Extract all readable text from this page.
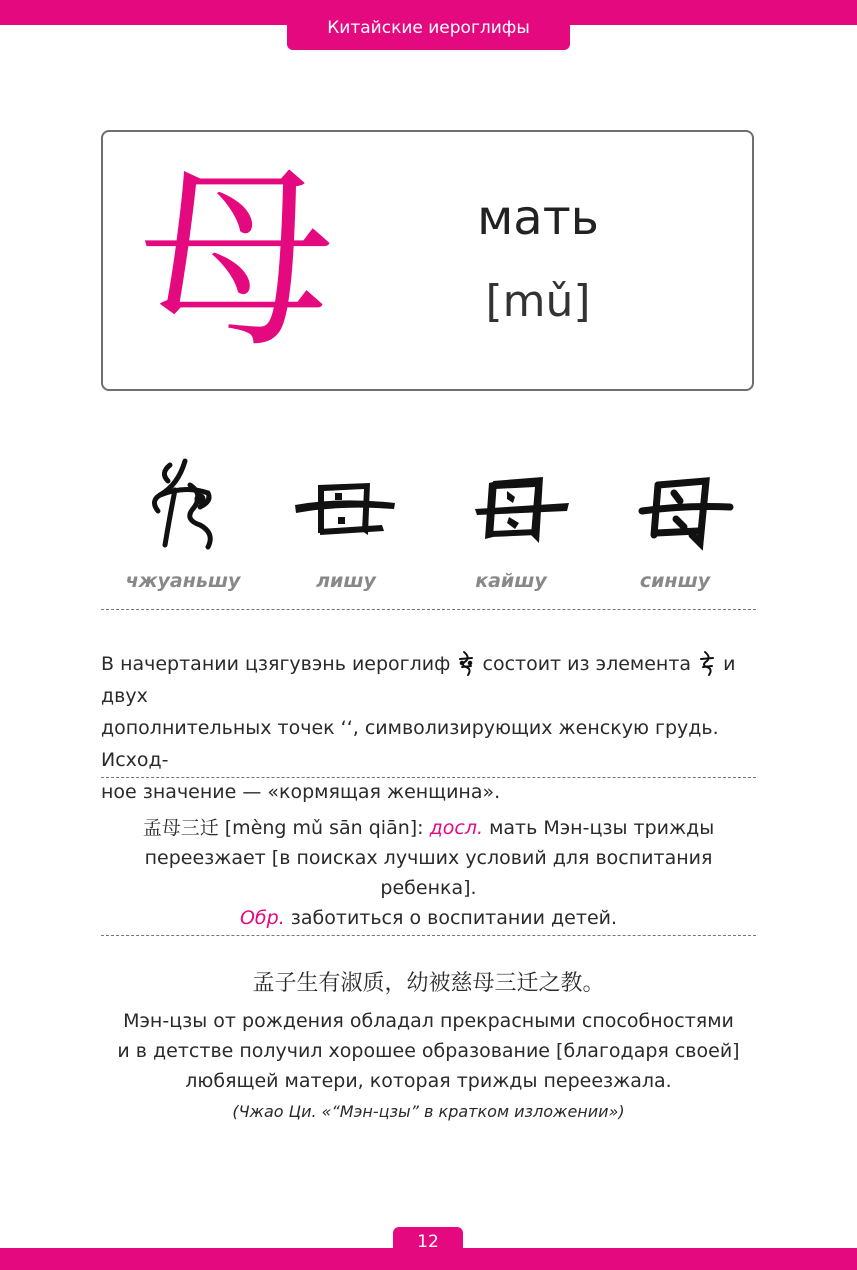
Китайские иероглифы
母	мать
[mǔ]
чжуаньшу	лишу	кайшу	синшу
В начертании цзягувэнь иероглиф
состоит из элемента
и двух
дополнительных точек ʻʻ, символизирующих женскую грудь. Исход-
ное значение — «кормящая женщина».
孟母三迁 [mèng mǔ sān qiān]: досл. мать Мэн-цзы трижды
переезжает [в поисках лучших условий для воспитания ребенка].
Обр. заботиться о воспитании детей.
孟子生有淑质，幼被慈母三迁之教。
Мэн-цзы от рождения обладал прекрасными способностями
и в детстве получил хорошее образование [благодаря своей]
любящей матери, которая трижды переезжала.
(Чжао Ци. «“Мэн-цзы” в кратком изложении»)
12
